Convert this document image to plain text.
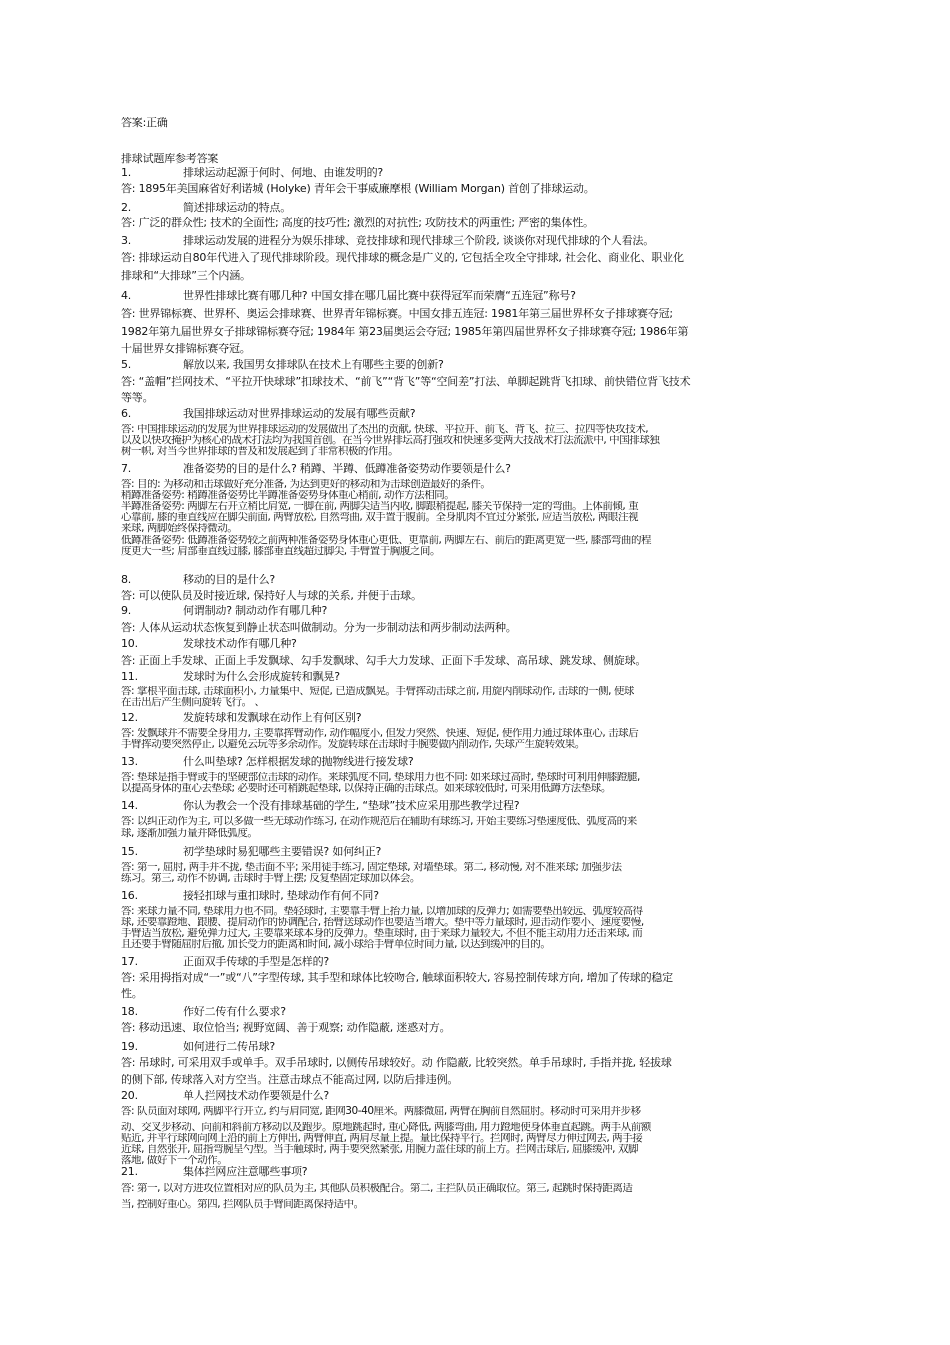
答案:正确
排球试题库参考答案
1.	排球运动起源于何时、何地、由谁发明的?
答: 1895年美国麻省好利诺城 (Holyke) 青年会干事威廉摩根 (William Morgan) 首创了排球运动。
2.	简述排球运动的特点。
答: 广泛的群众性; 技术的全面性; 高度的技巧性; 激烈的对抗性; 攻防技术的两重性; 严密的集体性。
3.	排球运动发展的进程分为娱乐排球、竞技排球和现代排球三个阶段, 谈谈你对现代排球的个人看法。
答: 排球运动自80年代进入了现代排球阶段。现代排球的概念是广义的, 它包括全攻全守排球, 社会化、商业化、职业化
排球和“大排球”三个内涵。
4.	世界性排球比赛有哪几种? 中国女排在哪几届比赛中获得冠军而荣膺“五连冠”称号?
答: 世界锦标赛、世界杯、奥运会排球赛、世界青年锦标赛。中国女排五连冠: 1981年第三届世界杯女子排球赛夺冠;
1982年第九届世界女子排球锦标赛夺冠; 1984年 第23届奥运会夺冠; 1985年第四届世界杯女子排球赛夺冠; 1986年第
十届世界女排锦标赛夺冠。
5.	解放以来, 我国男女排球队在技术上有哪些主要的创新?
答: “盖帽”拦网技术、“平拉开快球球”扣球技术、“前飞”“背飞”等“空间差”打法、单脚起跳背飞扣球、前快错位背飞技术
等等。
6.	我国排球运动对世界排球运动的发展有哪些贡献?
答: 中国排球运动的发展为世界排球运动的发展做出了杰出的贡献, 快球、平拉开、前飞、背飞、拉三、拉四等快攻技术,
以及以快攻掩护为核心的战术打法均为我国首创。在当今世界排坛高打强攻和快速多变两大技战术打法流派中, 中国排球独
树一帜, 对当今世界排球的普及和发展起到了非常积极的作用。
7.	准备姿势的目的是什么? 稍蹲、半蹲、低蹲准备姿势动作要领是什么?
答: 目的: 为移动和击球做好充分准备, 为达到更好的移动和为击球创造最好的条件。
稍蹲准备姿势: 稍蹲准备姿势比半蹲准备姿势身体重心稍前, 动作方法相同。
半蹲准备姿势: 两脚左右开立稍比肩宽, 一脚在前, 两脚尖适当内收, 脚跟稍提起, 膝关节保持一定的弯曲。上体前倾, 重
心靠前, 膝的垂直线应在脚尖前面, 两臂放松, 自然弯曲, 双手置于腹前。全身肌肉不宜过分紧张, 应适当放松, 两眼注视
来球, 两脚始终保持微动。
低蹲准备姿势: 低蹲准备姿势较之前两种准备姿势身体重心更低、更靠前, 两脚左右、前后的距离更宽一些, 膝部弯曲的程
度更大一些; 肩部垂直线过膝, 膝部垂直线超过脚尖, 手臂置于胸腹之间。
8.	移动的目的是什么?
答: 可以使队员及时接近球, 保持好人与球的关系, 并便于击球。
9.	何谓制动? 制动动作有哪几种?
答: 人体从运动状态恢复到静止状态叫做制动。分为一步制动法和两步制动法两种。
10.	发球技术动作有哪几种?
答: 正面上手发球、正面上手发飘球、勾手发飘球、勾手大力发球、正面下手发球、高吊球、跳发球、侧旋球。
11.	发球时为什么会形成旋转和飘晃?
答: 掌根平面击球, 击球面积小, 力量集中、短促, 已造成飘晃。手臂挥动击球之前, 用旋内削球动作, 击球的一侧, 使球
在击出后产生侧向旋转飞行。 、
12.	发旋转球和发飘球在动作上有何区别?
答: 发飘球并不需要全身用力, 主要靠挥臂动作, 动作幅度小, 但发力突然、快速、短促, 使作用力通过球体重心, 击球后
手臂挥动要突然停止, 以避免云玩等多余动作。发旋转球在击球时手腕要做内削动作, 失球产生旋转效果。
13.	什么叫垫球? 怎样根据发球的抛物线进行接发球?
答: 垫球是指手臂或手的坚硬部位击球的动作。来球弧度不同, 垫球用力也不同: 如来球过高时, 垫球时可利用伸膝蹬腿,
以提高身体的重心去垫球; 必要时还可稍跳起垫球, 以保持正确的击球点。如来球较低时, 可采用低蹲方法垫球。
14.	你认为教会一个没有排球基础的学生, “垫球”技术应采用那些教学过程?
答: 以纠正动作为主, 可以多做一些无球动作练习, 在动作规范后在辅助有球练习, 开始主要练习垫速度低、弧度高的来
球, 逐渐加强力量并降低弧度。
15.	初学垫球时易犯哪些主要错误? 如何纠正?
答: 第一, 屈肘, 两手并不拢, 垫击面不平; 采用徒手练习, 固定垫球, 对墙垫球。第二, 移动慢, 对不准来球; 加强步法
练习。第三, 动作不协调, 击球时手臂上摆; 反复垫固定球加以体会。
16.	接轻扣球与重扣球时, 垫球动作有何不同?
答: 来球力量不同, 垫球用力也不同。垫轻球时, 主要靠手臂上抬力量, 以增加球的反弹力; 如需要垫出较远、弧度较高得
球, 还要靠蹬地、跟腰、提肩动作的协调配合, 抬臂送球动作也要适当增大。垫中等力量球时, 迎击动作要小、速度要慢,
手臂适当放松, 避免弹力过大, 主要靠来球本身的反弹力。垫重球时, 由于来球力量较大, 不但不能主动用力还击来球, 而
且还要手臂随屈肘后撤, 加长受力的距离和时间, 减小球给手臂单位时间力量, 以达到缓冲的目的。
17.	正面双手传球的手型是怎样的?
答: 采用拇指对成“一”或“八”字型传球, 其手型和球体比较吻合, 触球面积较大, 容易控制传球方向, 增加了传球的稳定
性。
18.	作好二传有什么要求?
答: 移动迅速、取位恰当; 视野宽阔、善于观察; 动作隐蔽, 迷惑对方。
19.	如何进行二传吊球?
答: 吊球时, 可采用双手或单手。双手吊球时, 以侧传吊球较好。动 作隐蔽, 比较突然。单手吊球时, 手指并拢, 轻拔球
的侧下部, 传球落入对方空当。注意击球点不能高过网, 以防后排违例。
20.	单人拦网技术动作要领是什么?
答: 队员面对球网, 两脚平行开立, 约与肩同宽, 距网30-40厘米。两膝微屈, 两臂在胸前自然屈肘。移动时可采用并步移
动、交叉步移动、向前和斜前方移动以及跑步。原地跳起时, 重心降低, 两膝弯曲, 用力蹬地使身体垂直起跳。两手从前额
贴近, 并平行球网向网上沿的前上方伸出, 两臂伸直, 两肩尽量上提。量比保持平行。拦网时, 两臂尽力伸过网去, 两手接
近球, 自然张开, 屈指弯腕呈勺型。当手触球时, 两手要突然紧张, 用腕力盖住球的前上方。拦网击球后, 屈膝缓冲, 双脚
落地, 做好下一个动作。
21.	集体拦网应注意哪些事项?
答: 第一, 以对方进攻位置相对应的队员为主, 其他队员积极配合。第二, 主拦队员正确取位。第三, 起跳时保持距离适
当, 控制好重心。第四, 拦网队员手臂间距离保持适中。
